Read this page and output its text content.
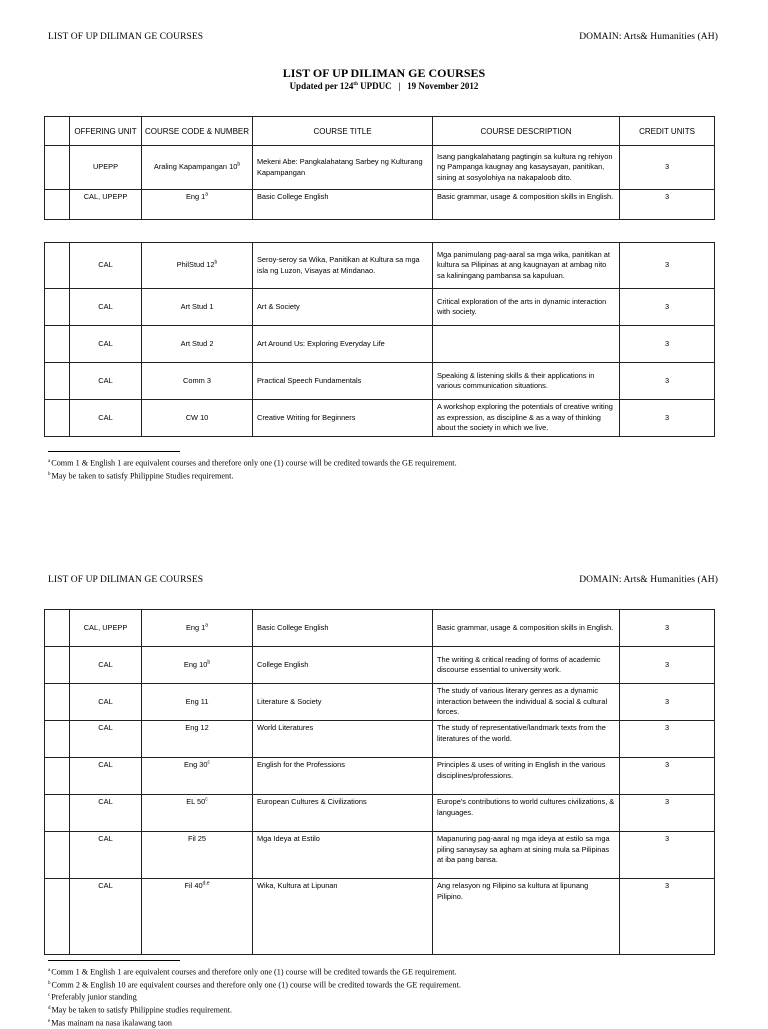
LIST OF UP DILIMAN GE COURSES	DOMAIN: Arts& Humanities (AH)
LIST OF UP DILIMAN GE COURSES
Updated per 124th UPDUC   |   19 November 2012
	OFFERING UNIT	COURSE CODE & NUMBER	COURSE TITLE	COURSE DESCRIPTION	CREDIT UNITS
	UPEPP	Araling Kapampangan 10$^b$	Mekeni Abe: Pangkalahatang Sarbey ng Kulturang Kapampangan	Isang pangkalahatang pagtingin sa kultura ng rehiyon ng Pampanga kaugnay ang kasaysayan, panitikan, sining at sosyolohiya na nakapaloob dito.	3
	CAL, UPEPP	Eng 1$^a$	Basic College English	Basic grammar, usage & composition skills in English.	3
	CAL	PhilStud 12$^b$	Seroy-seroy sa Wika, Panitikan at Kultura sa mga isla ng Luzon, Visayas at Mindanao.	Mga panimulang pag-aaral sa mga wika, panitikan at kultura sa Pilipinas at ang kaugnayan at ambag nito sa kaliningang pambansa sa kapuluan.	3
	CAL	Art Stud 1	Art & Society	Critical exploration of the arts in dynamic interaction with society.	3
	CAL	Art Stud 2	Art Around Us: Exploring Everyday Life		3
	CAL	Comm 3	Practical Speech Fundamentals	Speaking & listening skills & their applications in various communication situations.	3
	CAL	CW 10	Creative Writing for Beginners	A workshop exploring the potentials of creative writing as expression, as discipline & as a way of thinking about the society in which we live.	3
$^a$Comm 1 & English 1 are equivalent courses and therefore only one (1) course will be credited towards the GE requirement.
$^b$May be taken to satisfy Philippine Studies requirement.
LIST OF UP DILIMAN GE COURSES	DOMAIN: Arts& Humanities (AH)
	CAL, UPEPP	Eng 1$^a$	Basic College English	Basic grammar, usage & composition skills in English.	3
	CAL	Eng 10$^b$	College English	The writing & critical reading of forms of academic discourse essential to university work.	3
	CAL	Eng 11	Literature & Society	The study of various literary genres as a dynamic interaction between the individual & social & cultural forces.	3
	CAL	Eng 12	World Literatures	The study of representative/landmark texts from the literatures of the world.	3
	CAL	Eng 30$^c$	English for the Professions	Principles & uses of writing in English in the various disciplines/professions.	3
	CAL	EL 50$^c$	European Cultures & Civilizations	Europe's contributions to world cultures civilizations, & languages.	3
	CAL	Fil 25	Mga Ideya at Estilo	Mapanuring pag-aaral ng mga ideya at estilo sa mga piling sanaysay sa agham at sining mula sa Pilipinas at iba pang bansa.	3
	CAL	Fil 40$^{d,e}$	Wika, Kultura at Lipunan	Ang relasyon ng Filipino sa kultura at lipunang Pilipino.	3
$^a$Comm 1 & English 1 are equivalent courses and therefore only one (1) course will be credited towards the GE requirement.
$^b$Comm 2 & English 10 are equivalent courses and therefore only one (1) course will be credited towards the GE requirement.
$^c$Preferably junior standing
$^d$May be taken to satisfy Philippine studies requirement.
$^e$Mas mainam na nasa ikalawang taon
